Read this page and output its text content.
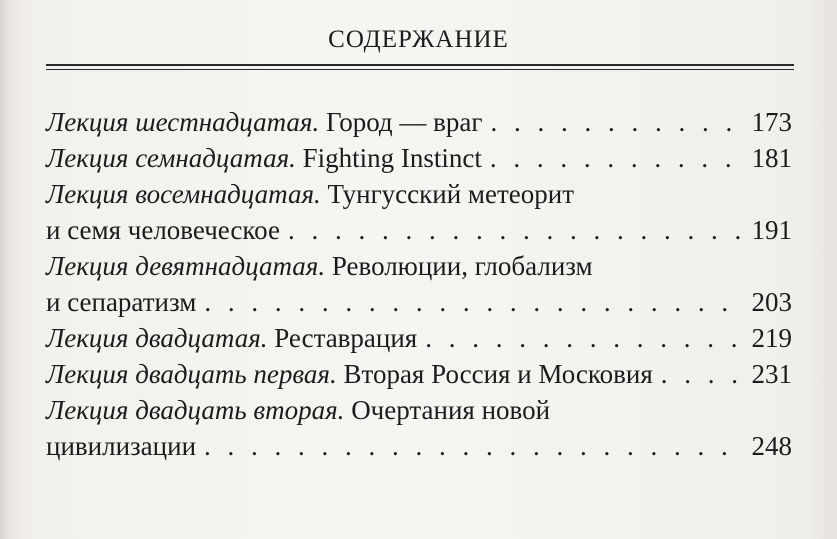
СОДЕРЖАНИЕ
Лекция шестнадцатая.
Город — враг . . .	173
Лекция семнадцатая.
Fighting Instinct . . .	181
Лекция восемнадцатая.
Тунгусский метеорит
и семя человеческое . . .	191
Лекция девятнадцатая.
Революции, глобализм
и сепаратизм . . .	203
Лекция двадцатая.
Реставрация . . .	219
Лекция двадцать первая.
Вторая Россия и Московия . . .	231
Лекция двадцать вторая.
Очертания новой
цивилизации . . .	248
